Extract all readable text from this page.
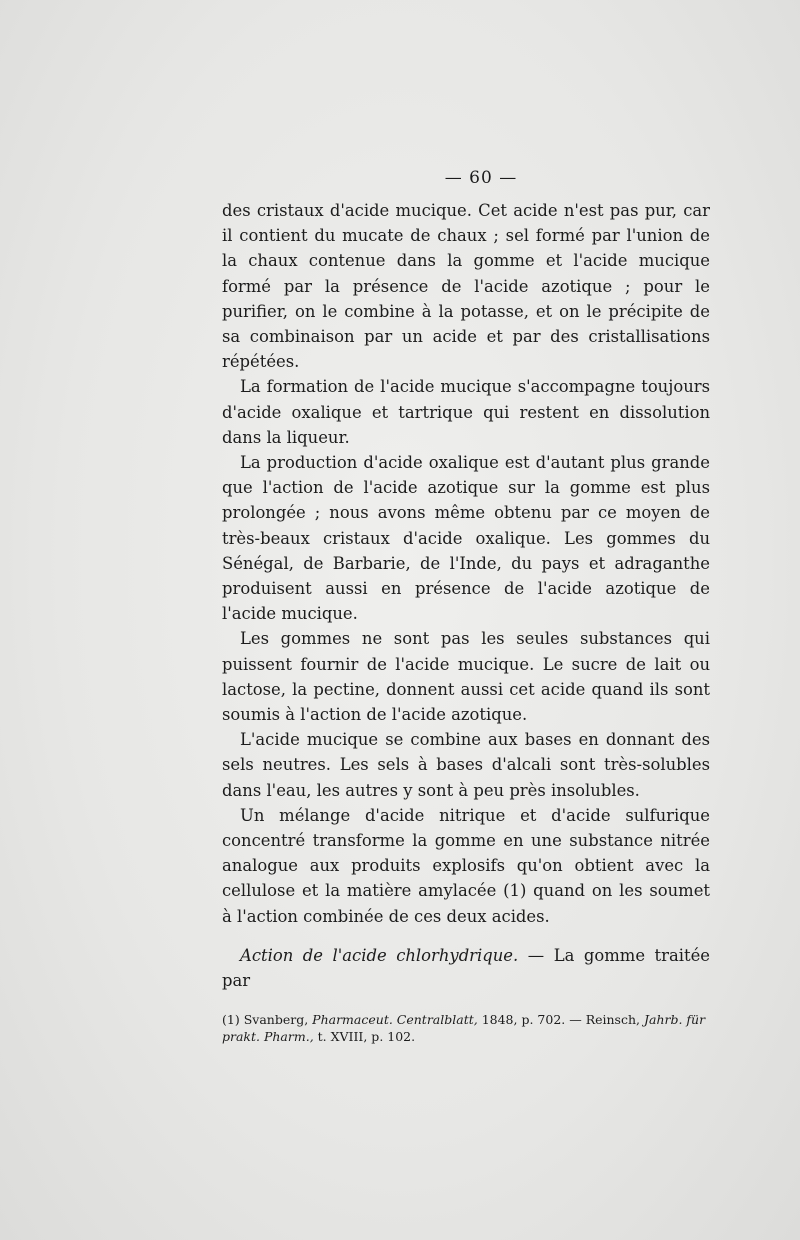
— 60 —

des cristaux d'acide mucique. Cet acide n'est pas pur, car il contient du mucate de chaux ; sel formé par l'union de la chaux contenue dans la gomme et l'acide mucique formé par la présence de l'acide azotique ; pour le purifier, on le combine à la potasse, et on le précipite de sa combinaison par un acide et par des cristallisations répétées.

La formation de l'acide mucique s'accompagne toujours d'acide oxalique et tartrique qui restent en dissolution dans la liqueur.

La production d'acide oxalique est d'autant plus grande que l'action de l'acide azotique sur la gomme est plus prolongée ; nous avons même obtenu par ce moyen de très-beaux cristaux d'acide oxalique. Les gommes du Sénégal, de Barbarie, de l'Inde, du pays et adraganthe produisent aussi en présence de l'acide azotique de l'acide mucique.

Les gommes ne sont pas les seules substances qui puissent fournir de l'acide mucique. Le sucre de lait ou lactose, la pectine, donnent aussi cet acide quand ils sont soumis à l'action de l'acide azotique.

L'acide mucique se combine aux bases en donnant des sels neutres. Les sels à bases d'alcali sont très-solubles dans l'eau, les autres y sont à peu près insolubles.

Un mélange d'acide nitrique et d'acide sulfurique concentré transforme la gomme en une substance nitrée analogue aux produits explosifs qu'on obtient avec la cellulose et la matière amylacée (1) quand on les soumet à l'action combinée de ces deux acides.

Action de l'acide chlorhydrique. — La gomme traitée par

(1) Svanberg, Pharmaceut. Centralblatt, 1848, p. 702. — Reinsch, Jahrb. für prakt. Pharm., t. XVIII, p. 102.
